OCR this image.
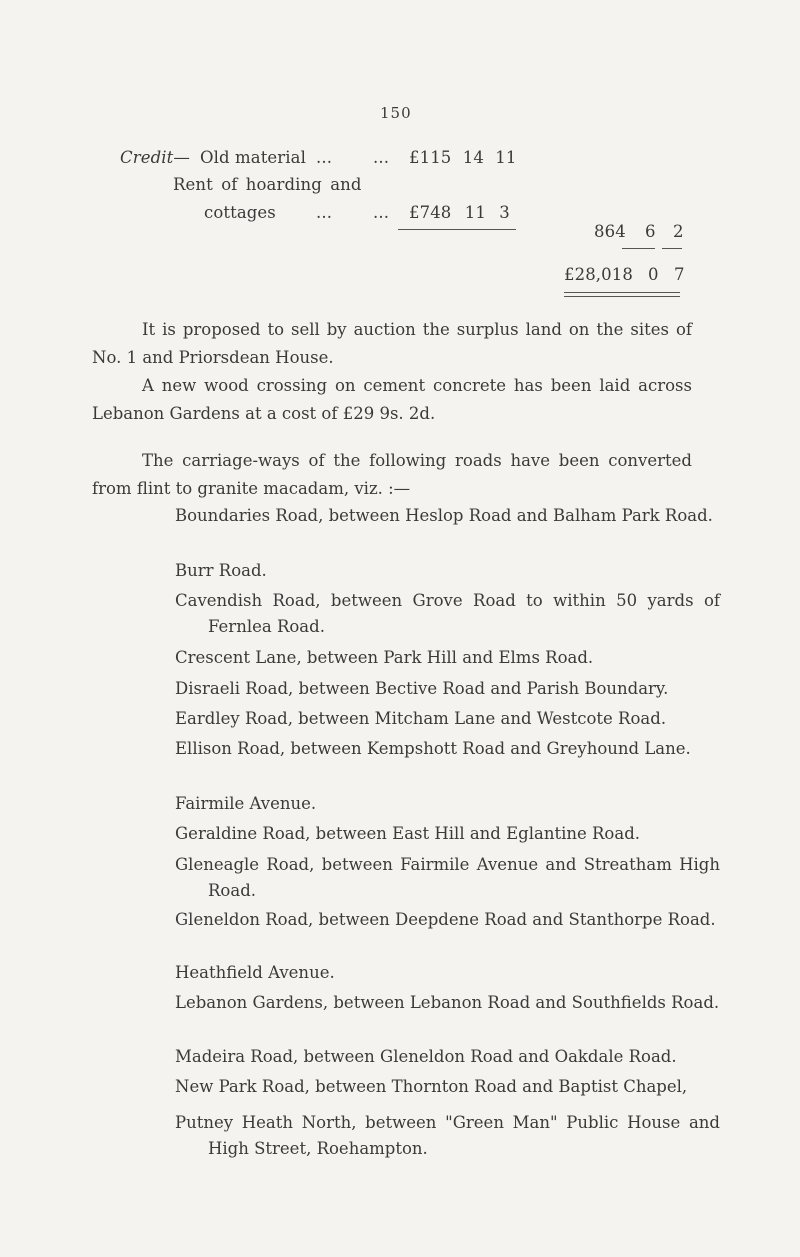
150
Credit— Old material ... ... £115 14 11
Rent of hoarding and
cottages ... ... £748 11 3
864 6 2
£28,018 0 7
It is proposed to sell by auction the surplus land on the sites of No. 1 and Priorsdean House.
A new wood crossing on cement concrete has been laid across Lebanon Gardens at a cost of £29 9s. 2d.
The carriage-ways of the following roads have been converted from flint to granite macadam, viz. :—
Boundaries Road, between Heslop Road and Balham Park Road.
Burr Road.
Cavendish Road, between Grove Road to within 50 yards of Fernlea Road.
Crescent Lane, between Park Hill and Elms Road.
Disraeli Road, between Bective Road and Parish Boundary.
Eardley Road, between Mitcham Lane and Westcote Road.
Ellison Road, between Kempshott Road and Greyhound Lane.
Fairmile Avenue.
Geraldine Road, between East Hill and Eglantine Road.
Gleneagle Road, between Fairmile Avenue and Streatham High Road.
Gleneldon Road, between Deepdene Road and Stanthorpe Road.
Heathfield Avenue.
Lebanon Gardens, between Lebanon Road and Southfields Road.
Madeira Road, between Gleneldon Road and Oakdale Road.
New Park Road, between Thornton Road and Baptist Chapel,
Putney Heath North, between "Green Man" Public House and High Street, Roehampton.
